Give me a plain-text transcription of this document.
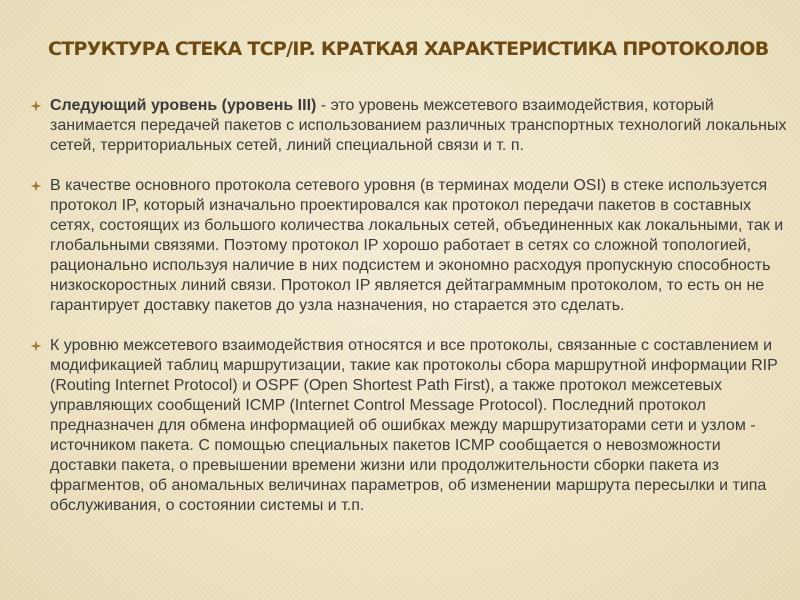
СТРУКТУРА СТЕКА TCP/IP. КРАТКАЯ ХАРАКТЕРИСТИКА ПРОТОКОЛОВ
Следующий уровень (уровень III) - это уровень межсетевого взаимодействия, который занимается передачей пакетов с использованием различных транспортных технологий локальных сетей, территориальных сетей, линий специальной связи и т. п.
В качестве основного протокола сетевого уровня (в терминах модели OSI) в стеке используется протокол IP, который изначально проектировался как протокол передачи пакетов в составных сетях, состоящих из большого количества локальных сетей, объединенных как локальными, так и глобальными связями. Поэтому протокол IP хорошо работает в сетях со сложной топологией, рационально используя наличие в них подсистем и экономно расходуя пропускную способность низкоскоростных линий связи. Протокол IP является дейтаграммным протоколом, то есть он не гарантирует доставку пакетов до узла назначения, но старается это сделать.
К уровню межсетевого взаимодействия относятся и все протоколы, связанные с составлением и модификацией таблиц маршрутизации, такие как протоколы сбора маршрутной информации RIP (Routing Internet Protocol) и OSPF (Open Shortest Path First), а также протокол межсетевых управляющих сообщений ICMP (Internet Control Message Protocol). Последний протокол предназначен для обмена информацией об ошибках между маршрутизаторами сети и узлом - источником пакета. С помощью специальных пакетов ICMP сообщается о невозможности доставки пакета, о превышении времени жизни или продолжительности сборки пакета из фрагментов, об аномальных величинах параметров, об изменении маршрута пересылки и типа обслуживания, о состоянии системы и т.п.
